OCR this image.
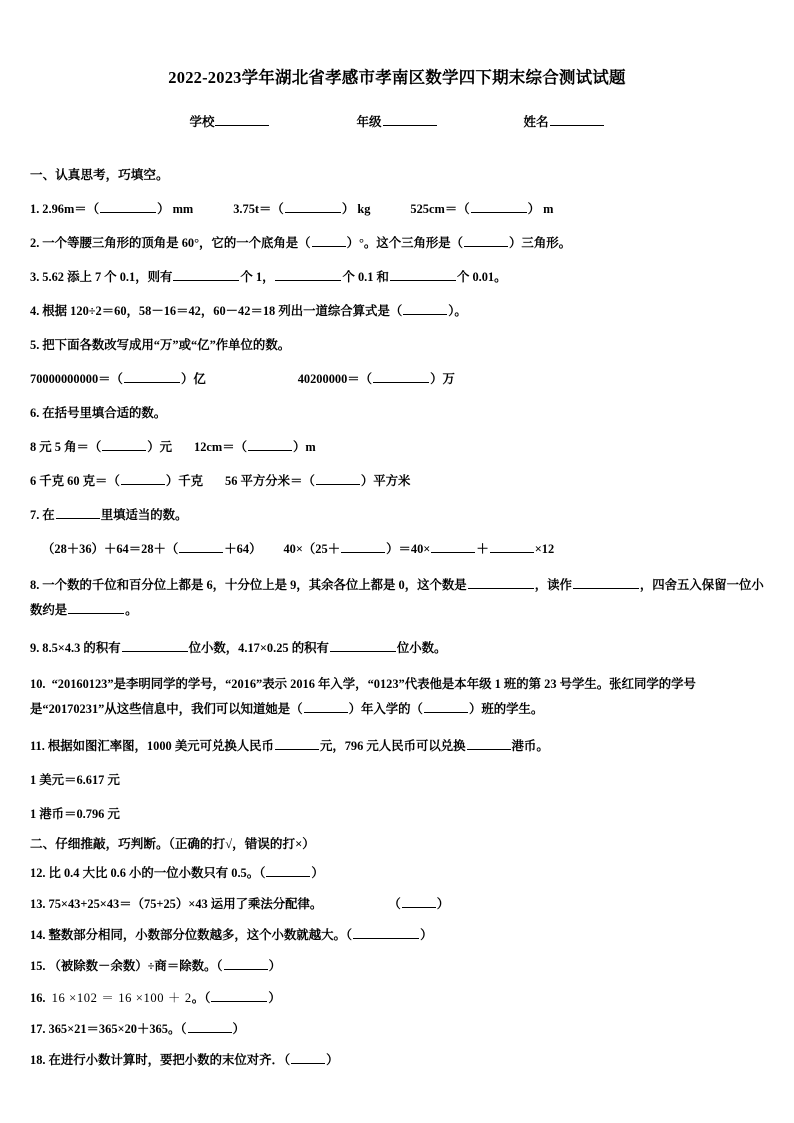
2022-2023学年湖北省孝感市孝南区数学四下期末综合测试试题
学校	年级	姓名

一、认真思考，巧填空。

1. 2.96m＝（	） mm	3.75t＝（	） kg	525cm＝（	） m

2. 一个等腰三角形的顶角是 60°，它的一个底角是（	）°。这个三角形是（	）三角形。

3. 5.62 添上 7 个 0.1，则有	个 1，	个 0.1 和	个 0.01。

4. 根据 120÷2＝60，58－16＝42，60－42＝18 列出一道综合算式是（	）。

5. 把下面各数改写成用“万”或“亿”作单位的数。

70000000000＝（	）亿	40200000＝（	）万

6. 在括号里填合适的数。

8 元 5 角＝（	）元 12cm＝（	）m

6 千克 60 克＝（	）千克 56 平方分米＝（	）平方米

7. 在	里填适当的数。

（28＋36）＋64＝28＋（	＋64） 40×（25＋	）＝40×	＋	×12

8. 一个数的千位和百分位上都是 6，十分位上是 9，其余各位上都是 0，这个数是	，读作	，四舍五入保留一位小数约是	。

9. 8.5×4.3 的积有	位小数，4.17×0.25 的积有	位小数。

10. “20160123”是李明同学的学号，“2016”表示 2016 年入学，“0123”代表他是本年级 1 班的第 23 号学生。张红同学的学号是“20170231”从这些信息中，我们可以知道她是（	）年入学的（	）班的学生。

11. 根据如图汇率图，1000 美元可兑换人民币	元，796 元人民币可以兑换	港币。

1 美元＝6.617 元

1 港币＝0.796 元

二、仔细推敲，巧判断。（正确的打√，错误的打×）

12. 比 0.4 大比 0.6 小的一位小数只有 0.5。（	）

13. 75×43+25×43＝（75+25）×43 运用了乘法分配律。	（	）

14. 整数部分相同，小数部分位数越多，这个小数就越大。（	）

15. （被除数－余数）÷商＝除数。（	）

16. 16 ×102 ＝ 16 ×100 ＋ 2。（	）

17. 365×21＝365×20＋365。（	）

18. 在进行小数计算时，要把小数的末位对齐．（	）
